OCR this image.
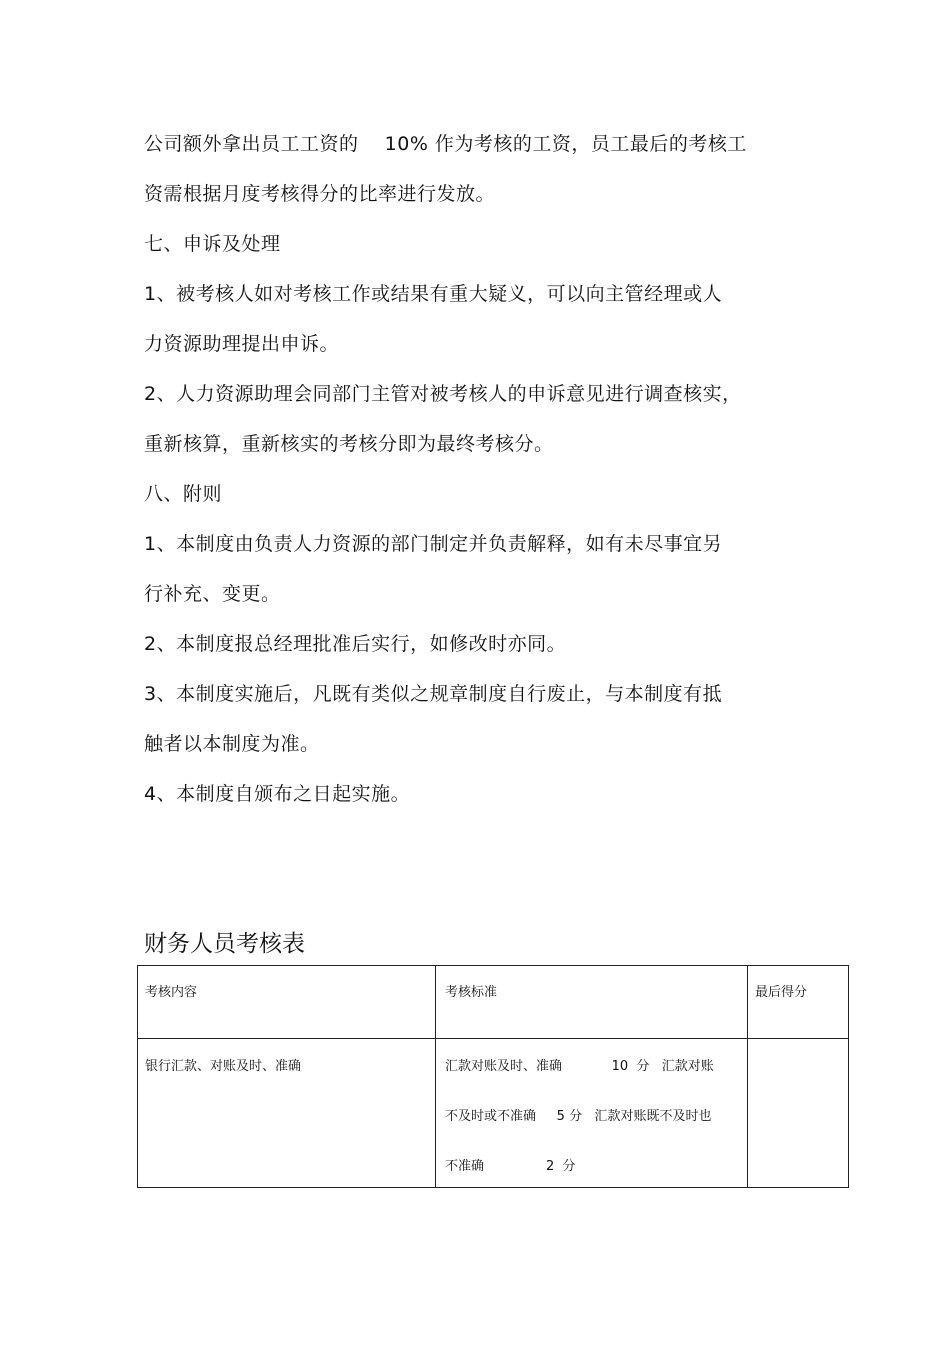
公司额外拿出员工工资的    10% 作为考核的工资，员工最后的考核工
资需根据月度考核得分的比率进行发放。
七、申诉及处理
1、被考核人如对考核工作或结果有重大疑义，可以向主管经理或人
力资源助理提出申诉。
2、人力资源助理会同部门主管对被考核人的申诉意见进行调查核实，
重新核算，重新核实的考核分即为最终考核分。
八、附则
1、本制度由负责人力资源的部门制定并负责解释，如有未尽事宜另
行补充、变更。
2、本制度报总经理批准后实行，如修改时亦同。
3、本制度实施后，凡既有类似之规章制度自行废止，与本制度有抵
触者以本制度为准。
4、本制度自颁布之日起实施。
财务人员考核表
考核内容	考核标准	最后得分
银行汇款、对账及时、准确	汇款对账及时、准确            10  分   汇款对账
不及时或不准确     5 分   汇款对账既不及时也
不准确               2  分
